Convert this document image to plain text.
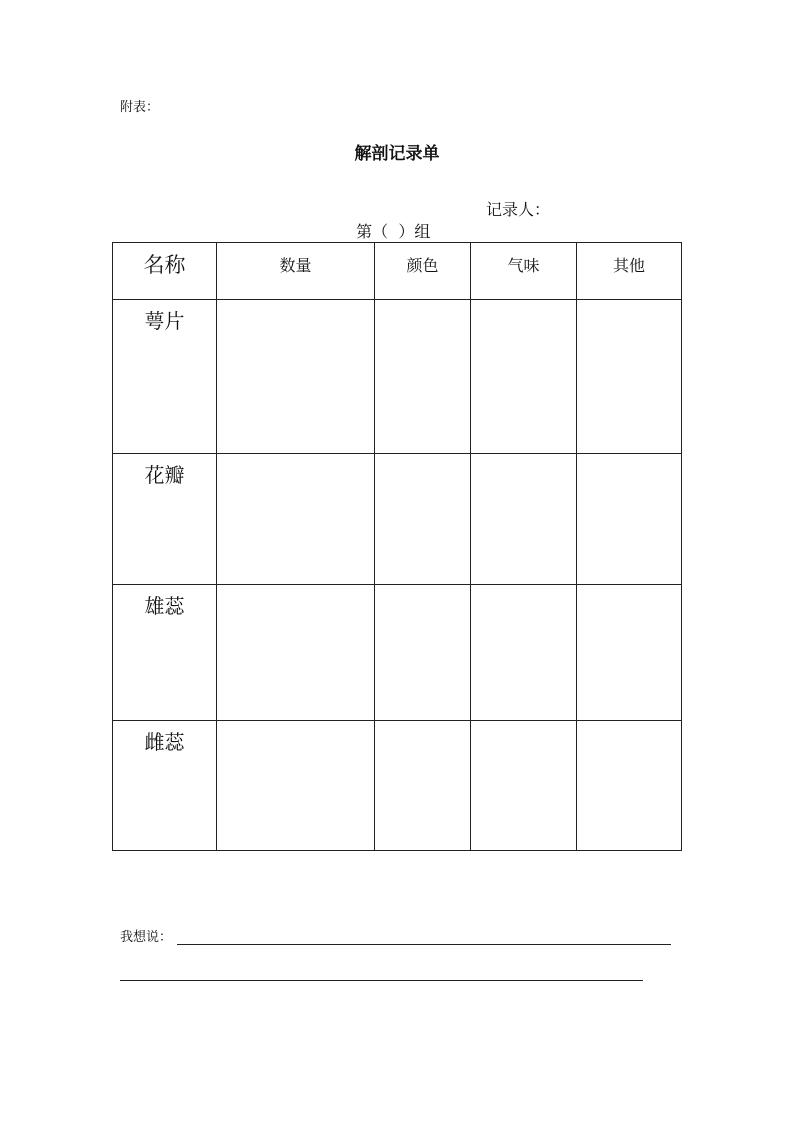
附表：
解剖记录单

第（  ）组

记录人：

名称	数量	颜色	气味	其他

萼片				

花瓣				

雄蕊				

雌蕊				

我想说：
